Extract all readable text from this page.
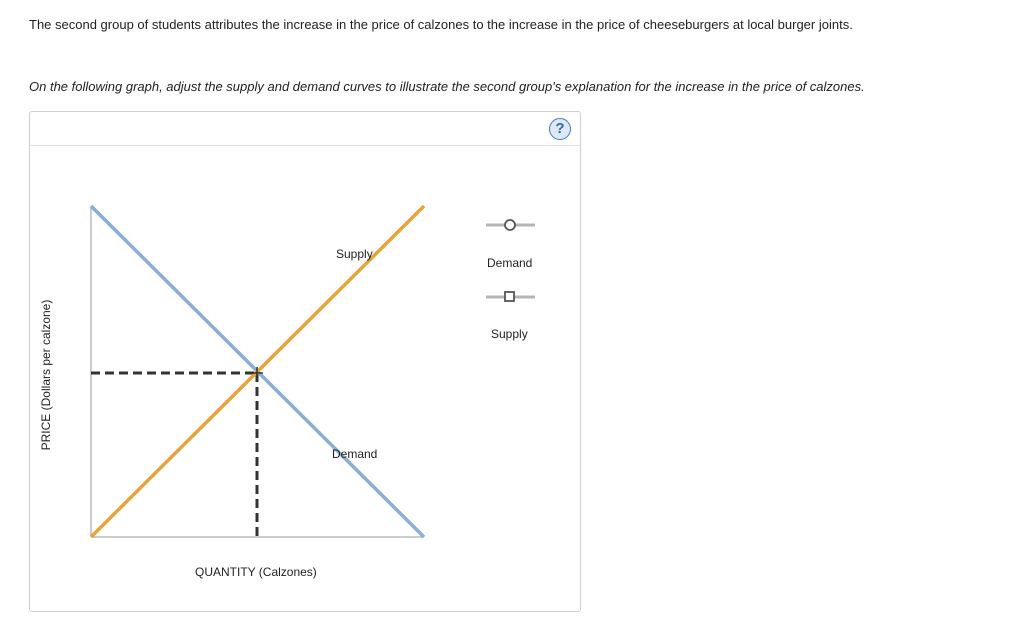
The second group of students attributes the increase in the price of calzones to the increase in the price of cheeseburgers at local burger joints.
On the following graph, adjust the supply and demand curves to illustrate the second group's explanation for the increase in the price of calzones.
?
Supply
Demand
PRICE (Dollars per calzone)
QUANTITY (Calzones)
Demand
Supply
